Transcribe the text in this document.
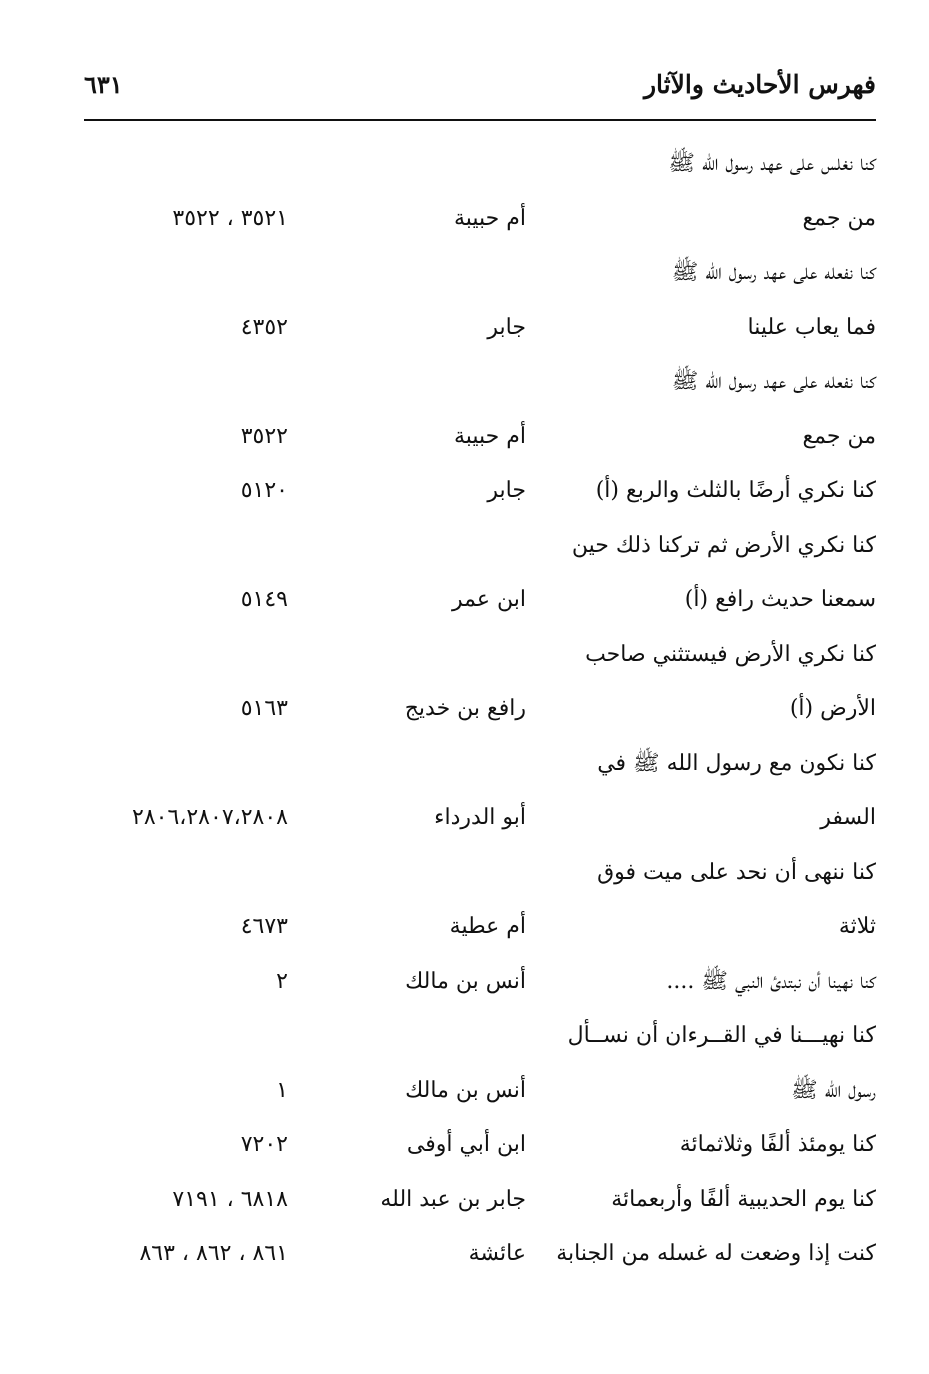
فهرس الأحاديث والآثار
٦٣١
كنا نغلس على عهد رسول الله ﷺ
من جمع
أم حبيبة
٣٥٢١ ، ٣٥٢٢
كنا نفعله على عهد رسول الله ﷺ
فما يعاب علينا
جابر
٤٣٥٢
كنا نفعله على عهد رسول الله ﷺ
من جمع
أم حبيبة
٣٥٢٢
كنا نكري أرضًا بالثلث والربع (أ)
جابر
٥١٢٠
كنا نكري الأرض ثم تركنا ذلك حين
سمعنا حديث رافع (أ)
ابن عمر
٥١٤٩
كنا نكري الأرض فيستثني صاحب
الأرض (أ)
رافع بن خديج
٥١٦٣
كنا نكون مع رسول الله ﷺ في
السفر
أبو الدرداء
٢٨٠٦،٢٨٠٧،٢٨٠٨
كنا ننهى أن نحد على ميت فوق
ثلاثة
أم عطية
٤٦٧٣
كنا نهينا أن نبتدئ النبي ﷺ ....
أنس بن مالك
٢
كنا نهيـــنا في القــرءان أن نســأل
رسول الله ﷺ
أنس بن مالك
١
كنا يومئذ ألفًا وثلاثمائة
ابن أبي أوفى
٧٢٠٢
كنا يوم الحديبية ألفًا وأربعمائة
جابر بن عبد الله
٦٨١٨ ، ٧١٩١
كنت إذا وضعت له غسله من الجنابة
عائشة
٨٦١ ، ٨٦٢ ، ٨٦٣
